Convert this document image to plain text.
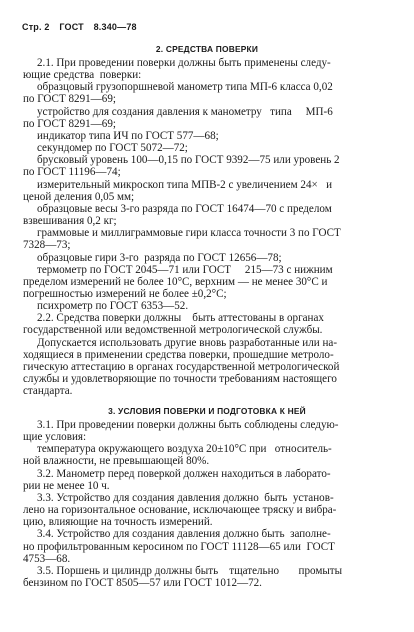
Стр. 2 ГОСТ 8.340—78
2. СРЕДСТВА ПОВЕРКИ
2.1. При проведении поверки должны быть применены следу-
ющие средства  поверки:
образцовый грузопоршневой манометр типа МП-6 класса 0,02
по ГОСТ 8291—69;
устройство для создания давления к манометру   типа     МП-6
по ГОСТ 8291—69;
индикатор типа ИЧ по ГОСТ 577—68;
секундомер по ГОСТ 5072—72;
брусковый уровень 100—0,15 по ГОСТ 9392—75 или уровень 2
по ГОСТ 11196—74;
измерительный микроскоп типа МПВ-2 с увеличением 24×   и
ценой деления 0,05 мм;
образцовые весы 3-го разряда по ГОСТ 16474—70 с пределом
взвешивания 0,2 кг;
граммовые и миллиграммовые гири класса точности 3 по ГОСТ
7328—73;
образцовые гири 3-го  разряда по ГОСТ 12656—78;
термометр по ГОСТ 2045—71 или ГОСТ     215—73 с нижним
пределом измерений не более 10°С, верхним — не менее 30°С и
погрешностью измерений не более ±0,2°С;
психрометр по ГОСТ 6353—52.
2.2. Средства поверки должны    быть аттестованы в органах
государственной или ведомственной метрологической службы.
Допускается использовать другие вновь разработанные или на-
ходящиеся в применении средства поверки, прошедшие метроло-
гическую аттестацию в органах государственной метрологической
службы и удовлетворяющие по точности требованиям настоящего
стандарта.
3. УСЛОВИЯ ПОВЕРКИ И ПОДГОТОВКА К НЕЙ
3.1. При проведении поверки должны быть соблюдены следую-
щие условия:
температура окружающего воздуха 20±10°С при   относитель-
ной влажности, не превышающей 80%.
3.2. Манометр перед поверкой должен находиться в лаборато-
рии не менее 10 ч.
3.3. Устройство для создания давления должно  быть  установ-
лено на горизонтальное основание, исключающее тряску и вибра-
цию, влияющие на точность измерений.
3.4. Устройство для создания давления должно быть  заполне-
но профильтрованным керосином по ГОСТ 11128—65 или  ГОСТ
4753—68.
3.5. Поршень и цилиндр должны быть    тщательно       промыты
бензином по ГОСТ 8505—57 или ГОСТ 1012—72.
